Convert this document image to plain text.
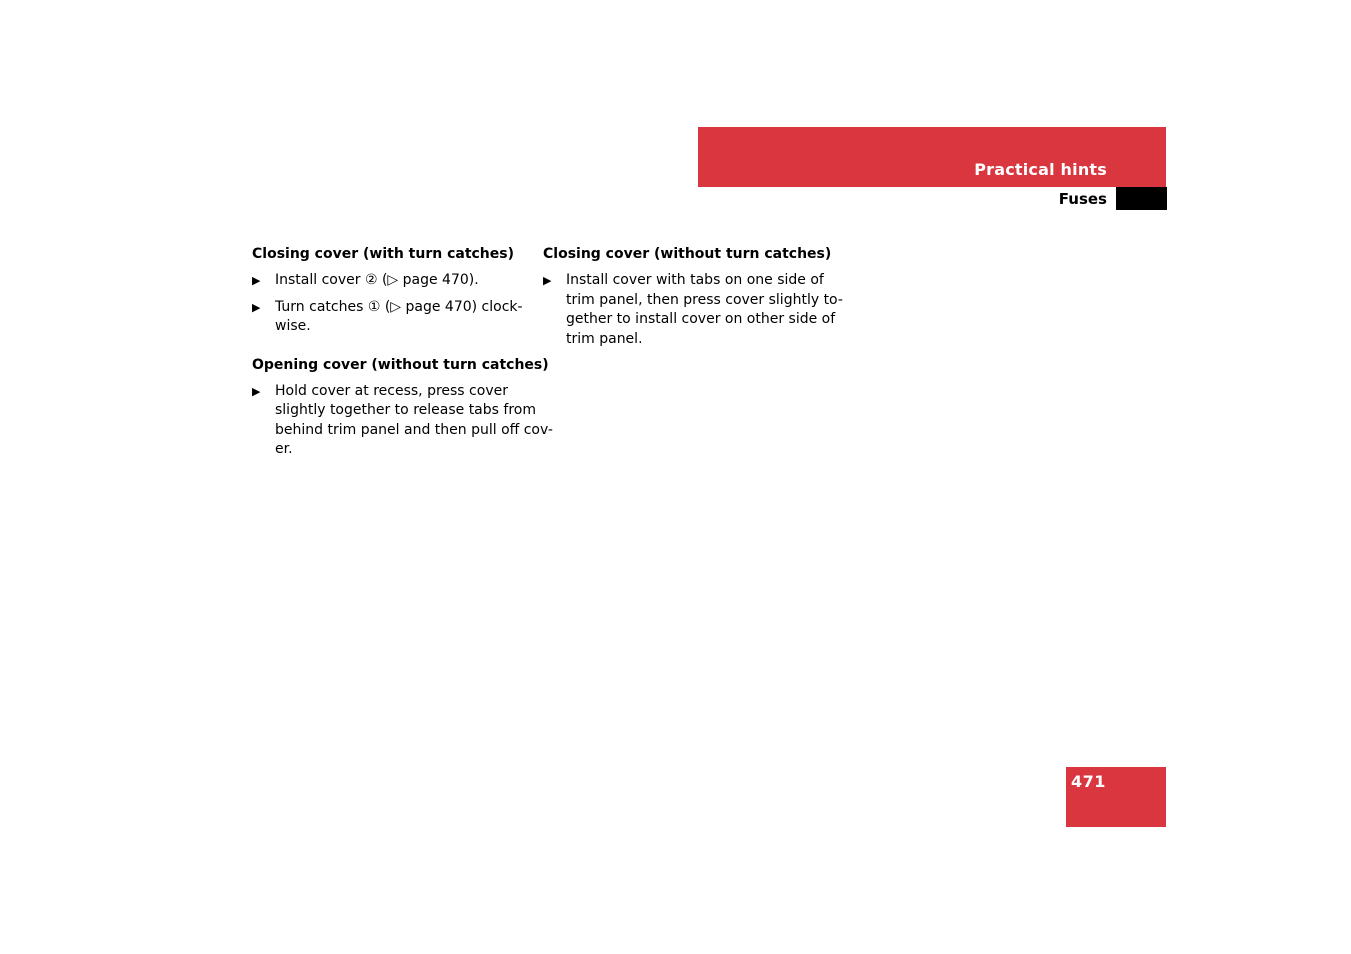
Practical hints
Fuses
Closing cover (with turn catches)
▶ Install cover ② (▷ page 470).
▶ Turn catches ① (▷ page 470) clock-
wise.
Opening cover (without turn catches)
▶ Hold cover at recess, press cover
slightly together to release tabs from
behind trim panel and then pull off cov-
er.
Closing cover (without turn catches)
▶ Install cover with tabs on one side of
trim panel, then press cover slightly to-
gether to install cover on other side of
trim panel.
471
